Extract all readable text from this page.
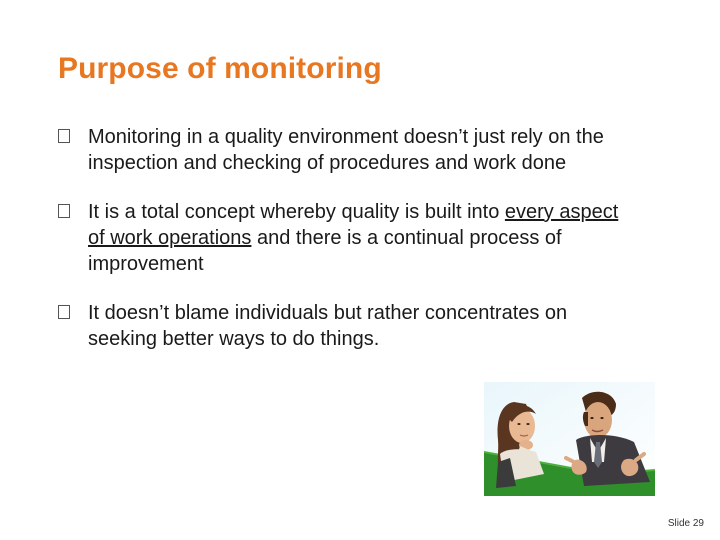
Purpose of monitoring
Monitoring in a quality environment doesn’t just rely on the inspection and checking of procedures and work done
It is a total concept whereby quality is built into every aspect of work operations and there is a continual process of improvement
It doesn’t blame individuals but rather concentrates on seeking better ways to do things.
Slide 29
